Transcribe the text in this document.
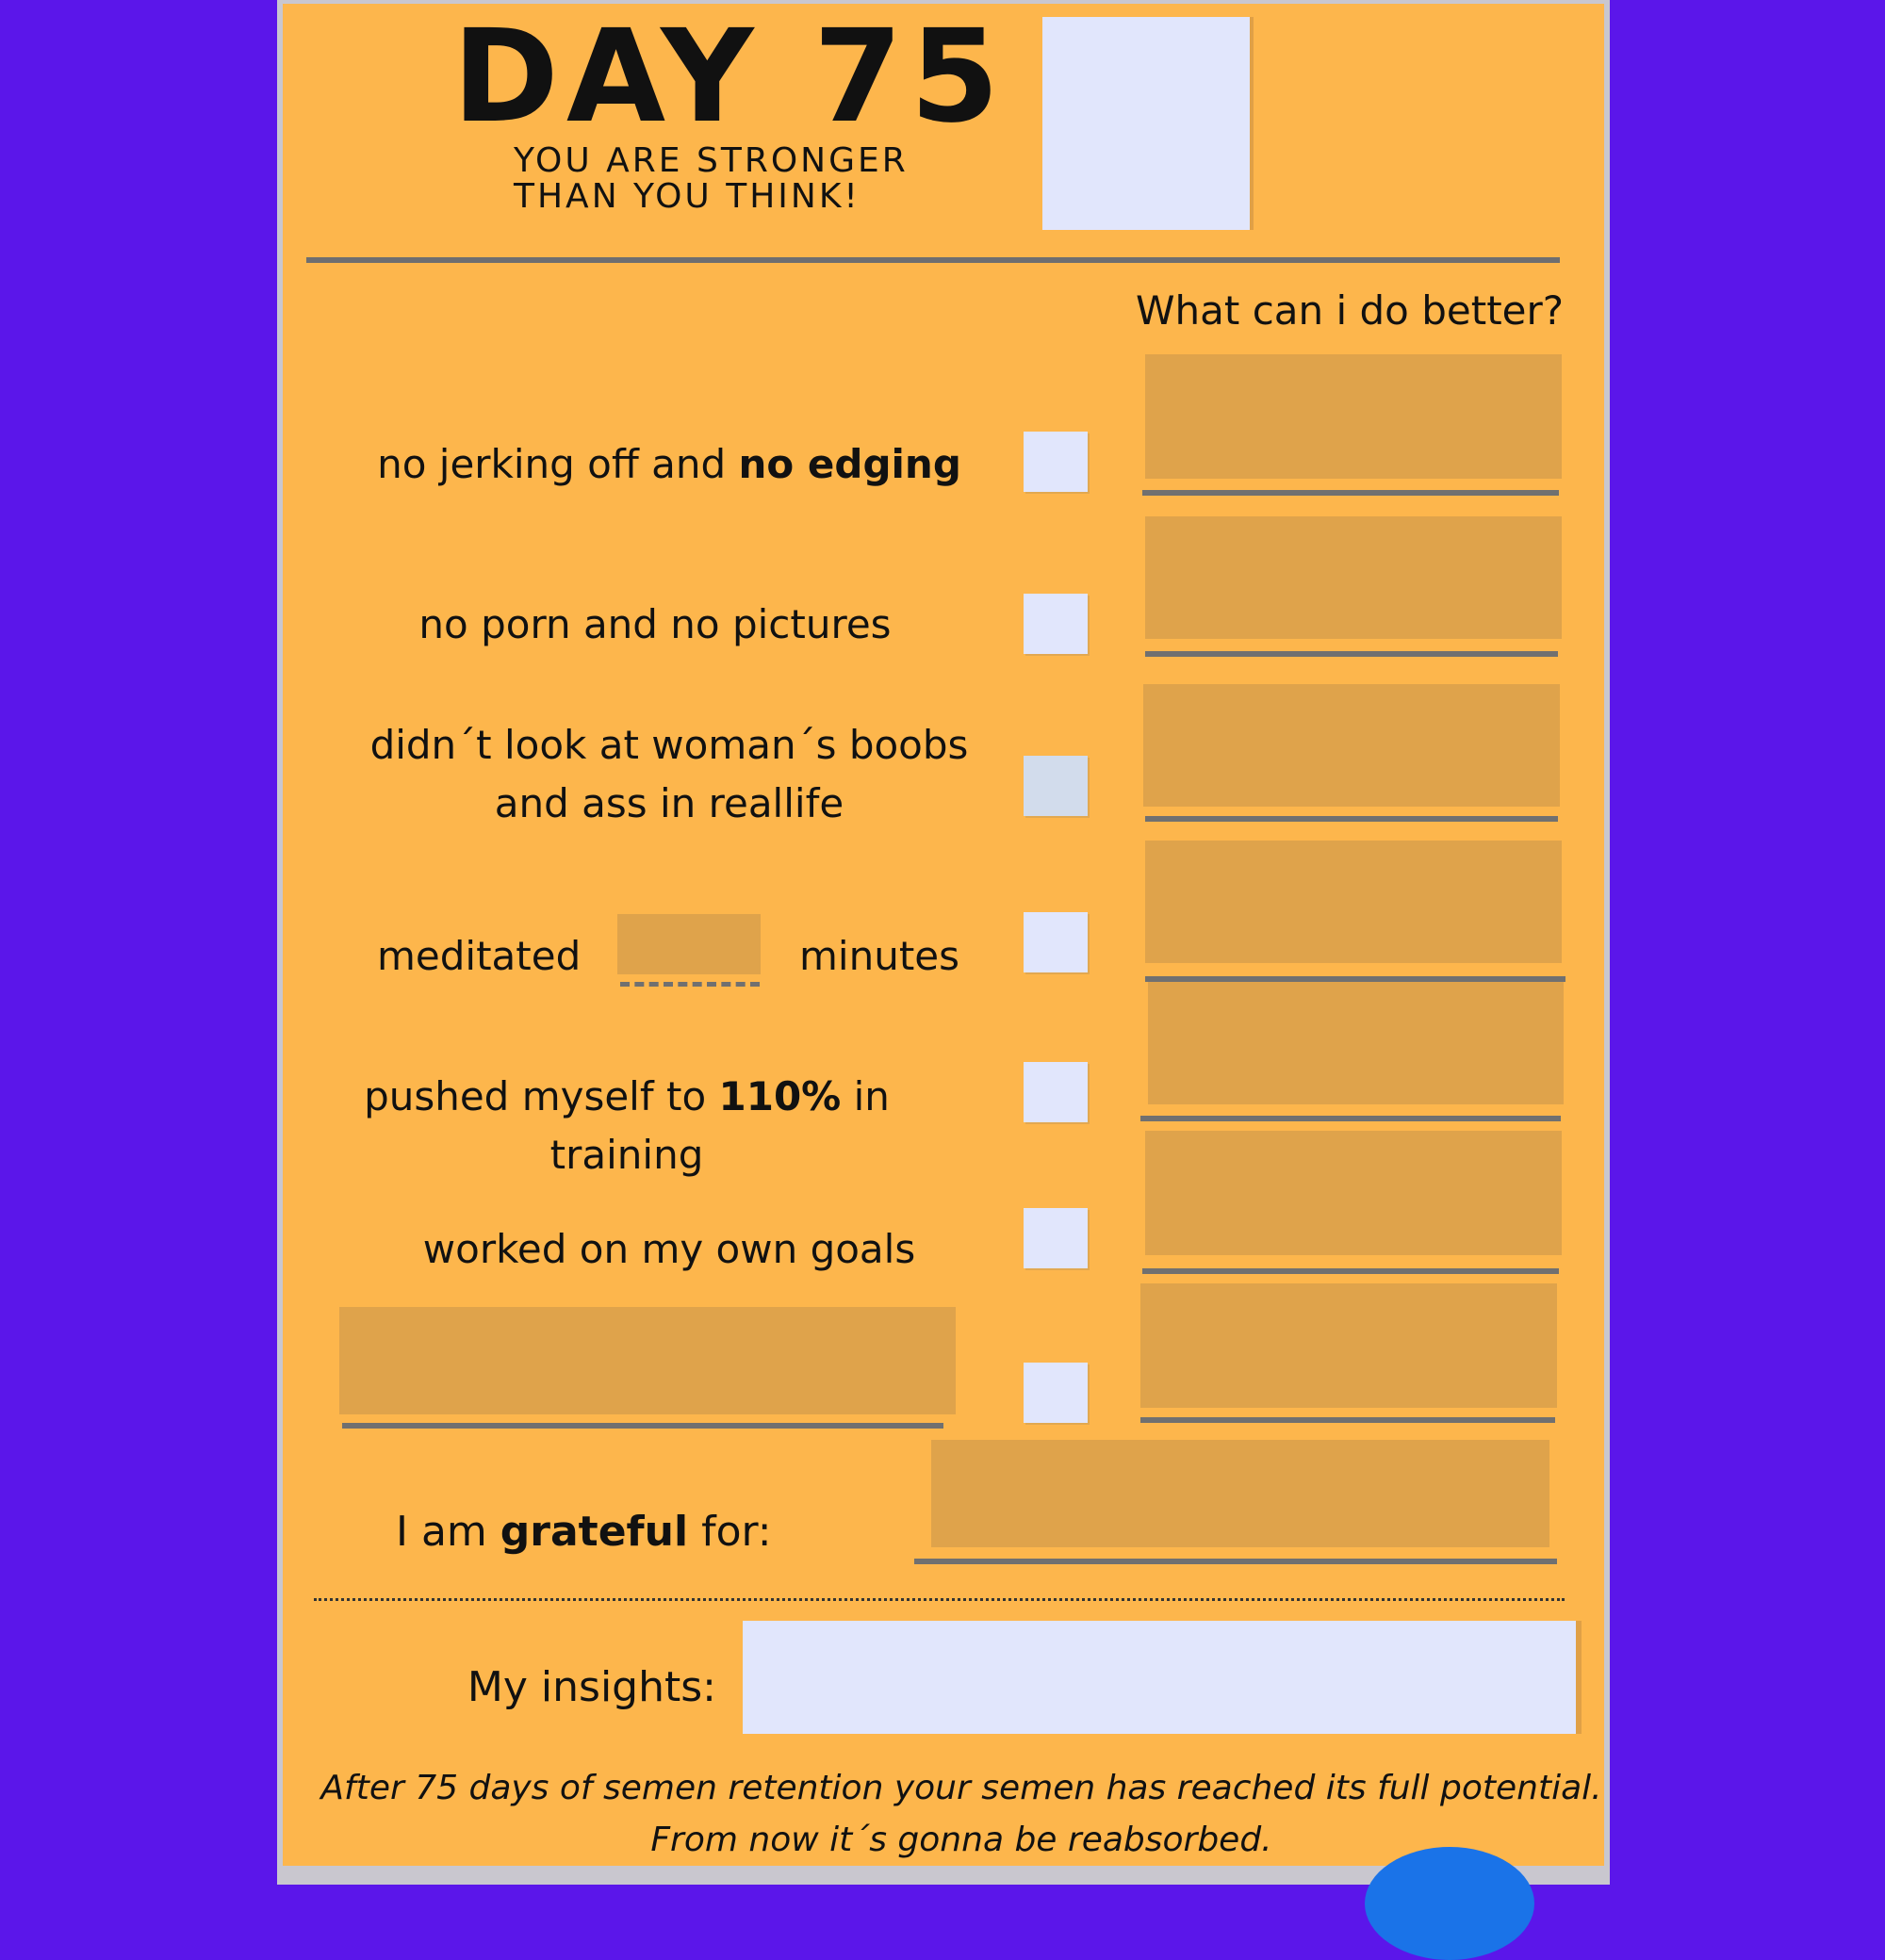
DAY 75
YOU ARE STRONGER
THAN YOU THINK!
What can i do better?
no jerking off and no edging
no porn and no pictures
didn´t look at woman´s boobs and ass in reallife
meditated	minutes
pushed myself to 110% in training
worked on my own goals
I am grateful for:
My insights:
After 75 days of semen retention your semen has reached its full potential.
From now it´s gonna be reabsorbed.
